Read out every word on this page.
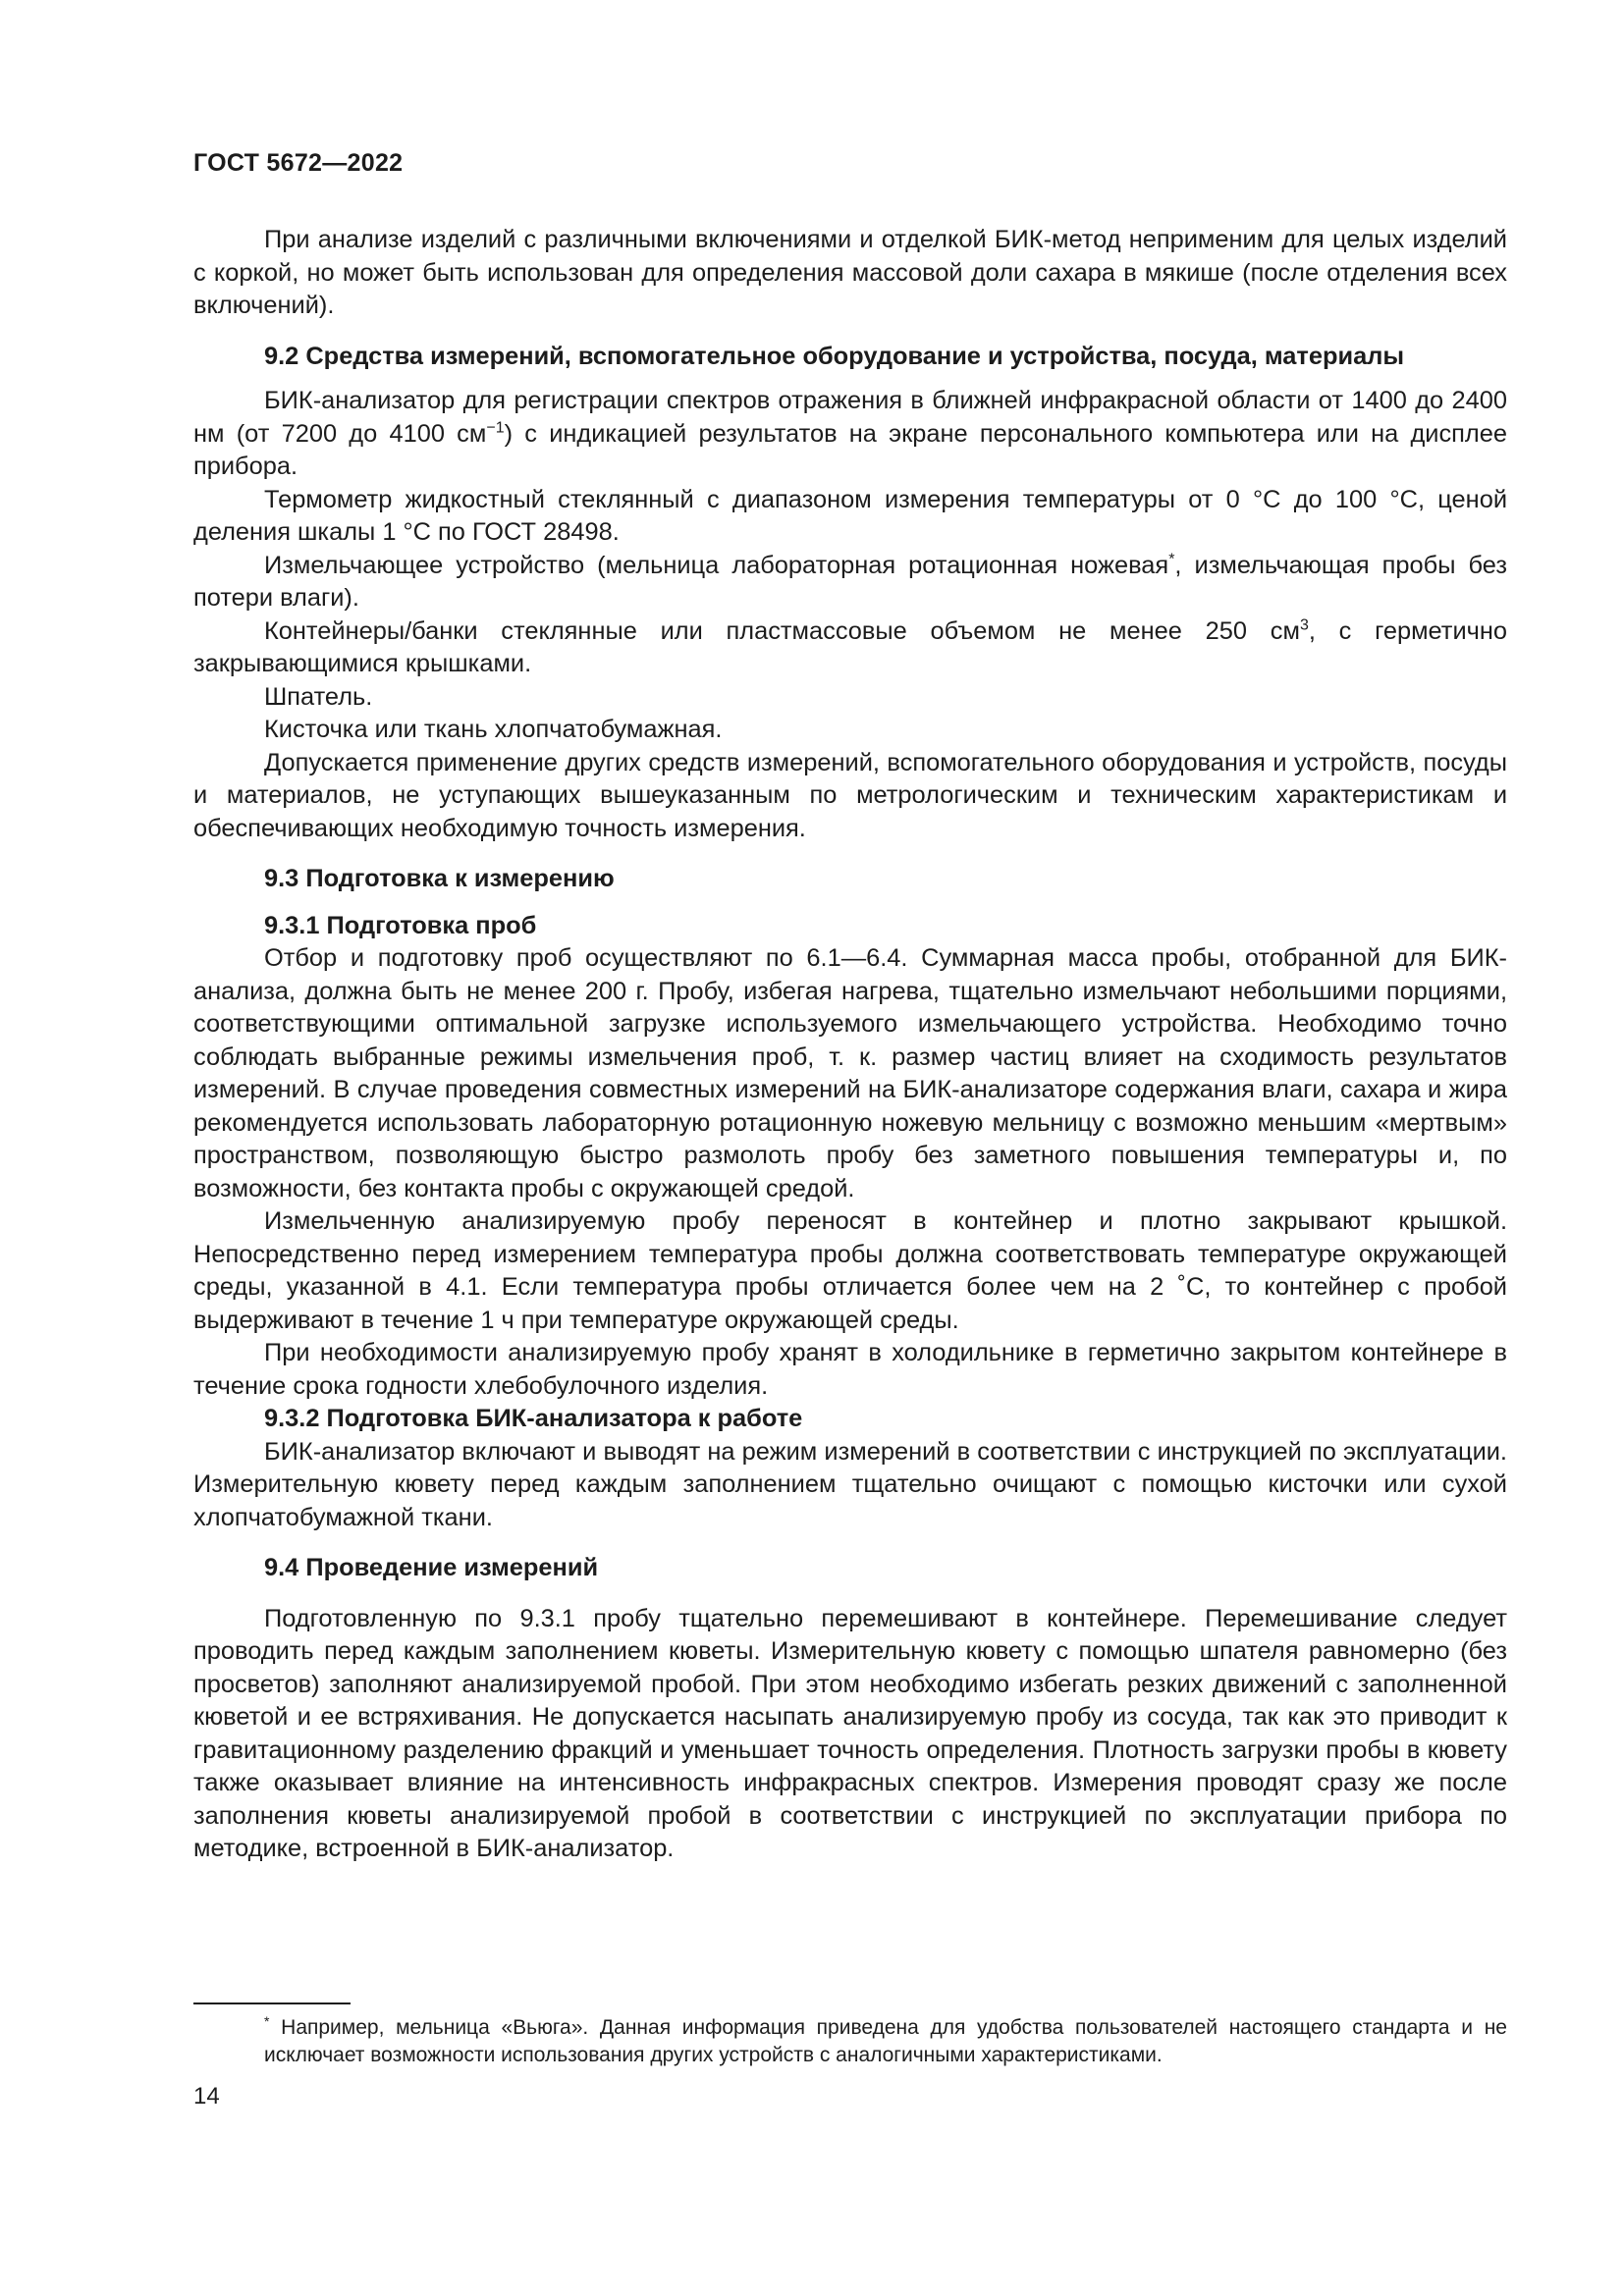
ГОСТ 5672—2022

При анализе изделий с различными включениями и отделкой БИК-метод неприменим для целых изделий с коркой, но может быть использован для определения массовой доли сахара в мякише (после отделения всех включений).

9.2 Средства измерений, вспомогательное оборудование и устройства, посуда, материалы

БИК-анализатор для регистрации спектров отражения в ближней инфракрасной области от 1400 до 2400 нм (от 7200 до 4100 $см^{-1}$) с индикацией результатов на экране персонального компьютера или на дисплее прибора.

Термометр жидкостный стеклянный с диапазоном измерения температуры от 0 °С до 100 °С, ценой деления шкалы 1 °С по ГОСТ 28498.

Измельчающее устройство (мельница лабораторная ротационная ножевая*, измельчающая пробы без потери влаги).

Контейнеры/банки стеклянные или пластмассовые объемом не менее 250 $см^3$, с герметично закрывающимися крышками.

Шпатель.

Кисточка или ткань хлопчатобумажная.

Допускается применение других средств измерений, вспомогательного оборудования и устройств, посуды и материалов, не уступающих вышеуказанным по метрологическим и техническим характеристикам и обеспечивающих необходимую точность измерения.

9.3 Подготовка к измерению
9.3.1 Подготовка проб

Отбор и подготовку проб осуществляют по 6.1—6.4. Суммарная масса пробы, отобранной для БИК-анализа, должна быть не менее 200 г. Пробу, избегая нагрева, тщательно измельчают небольшими порциями, соответствующими оптимальной загрузке используемого измельчающего устройства. Необходимо точно соблюдать выбранные режимы измельчения проб, т. к. размер частиц влияет на сходимость результатов измерений. В случае проведения совместных измерений на БИК-анализаторе содержания влаги, сахара и жира рекомендуется использовать лабораторную ротационную ножевую мельницу с возможно меньшим «мертвым» пространством, позволяющую быстро размолоть пробу без заметного повышения температуры и, по возможности, без контакта пробы с окружающей средой.

Измельченную анализируемую пробу переносят в контейнер и плотно закрывают крышкой. Непосредственно перед измерением температура пробы должна соответствовать температуре окружающей среды, указанной в 4.1. Если температура пробы отличается более чем на 2 ˚С, то контейнер с пробой выдерживают в течение 1 ч при температуре окружающей среды.

При необходимости анализируемую пробу хранят в холодильнике в герметично закрытом контейнере в течение срока годности хлебобулочного изделия.

9.3.2 Подготовка БИК-анализатора к работе

БИК-анализатор включают и выводят на режим измерений в соответствии с инструкцией по эксплуатации. Измерительную кювету перед каждым заполнением тщательно очищают с помощью кисточки или сухой хлопчатобумажной ткани.

9.4 Проведение измерений

Подготовленную по 9.3.1 пробу тщательно перемешивают в контейнере. Перемешивание следует проводить перед каждым заполнением кюветы. Измерительную кювету с помощью шпателя равномерно (без просветов) заполняют анализируемой пробой. При этом необходимо избегать резких движений с заполненной кюветой и ее встряхивания. Не допускается насыпать анализируемую пробу из сосуда, так как это приводит к гравитационному разделению фракций и уменьшает точность определения. Плотность загрузки пробы в кювету также оказывает влияние на интенсивность инфракрасных спектров. Измерения проводят сразу же после заполнения кюветы анализируемой пробой в соответствии с инструкцией по эксплуатации прибора по методике, встроенной в БИК-анализатор.

* Например, мельница «Вьюга». Данная информация приведена для удобства пользователей настоящего стандарта и не исключает возможности использования других устройств с аналогичными характеристиками.
14
